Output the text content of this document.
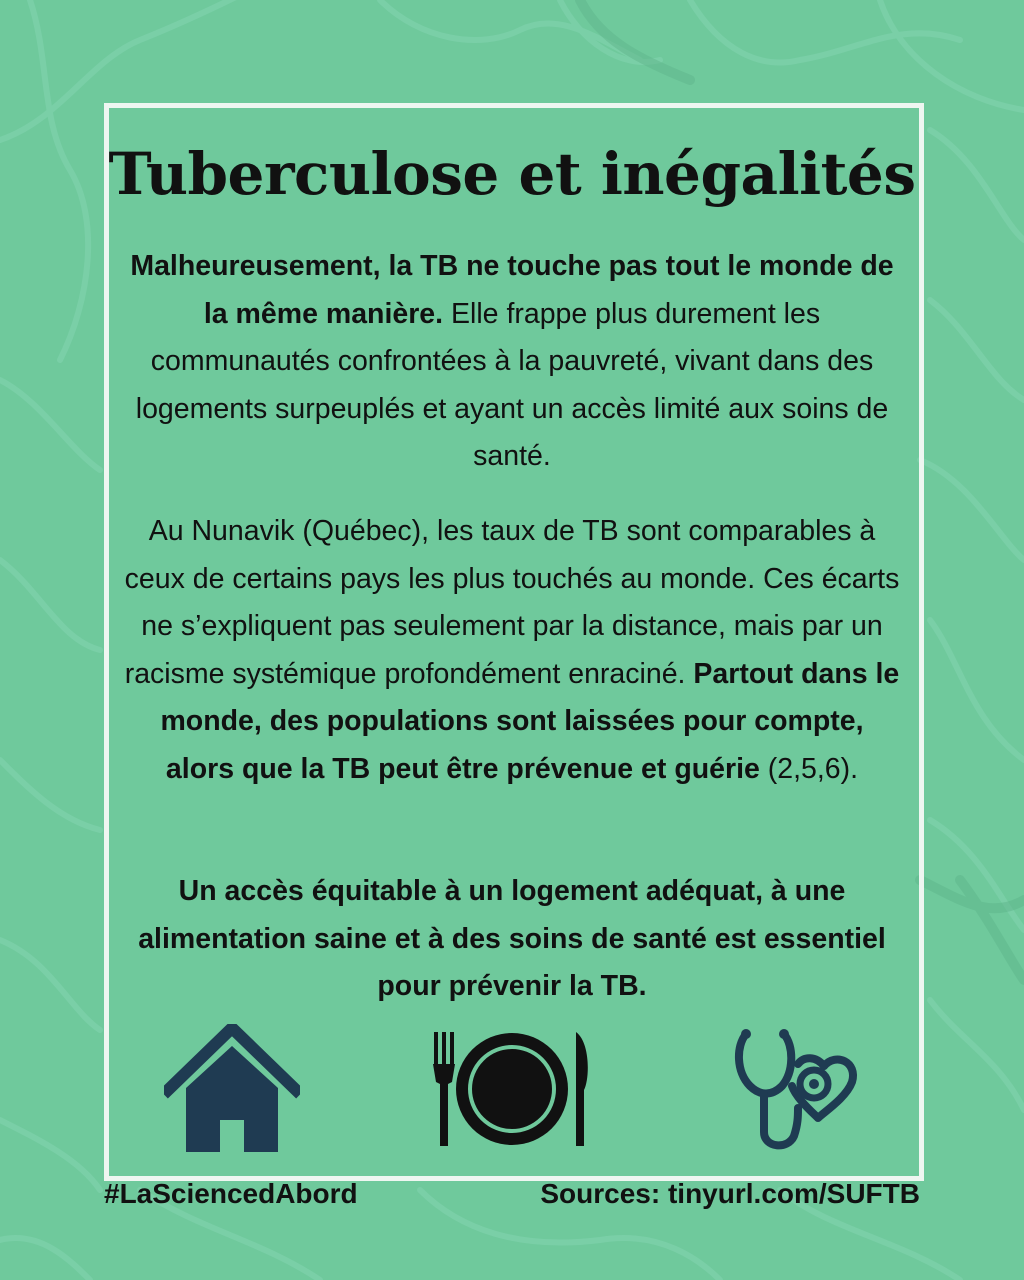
Tuberculose et inégalités
Malheureusement, la TB ne touche pas tout le monde de la même manière. Elle frappe plus durement les communautés confrontées à la pauvreté, vivant dans des logements surpeuplés et ayant un accès limité aux soins de santé.
Au Nunavik (Québec), les taux de TB sont comparables à ceux de certains pays les plus touchés au monde. Ces écarts ne s’expliquent pas seulement par la distance, mais par un racisme systémique profondément enraciné. Partout dans le monde, des populations sont laissées pour compte, alors que la TB peut être prévenue et guérie (2,5,6).
Un accès équitable à un logement adéquat, à une alimentation saine et à des soins de santé est essentiel pour prévenir la TB.
#LaSciencedAbord	Sources: tinyurl.com/SUFTB
